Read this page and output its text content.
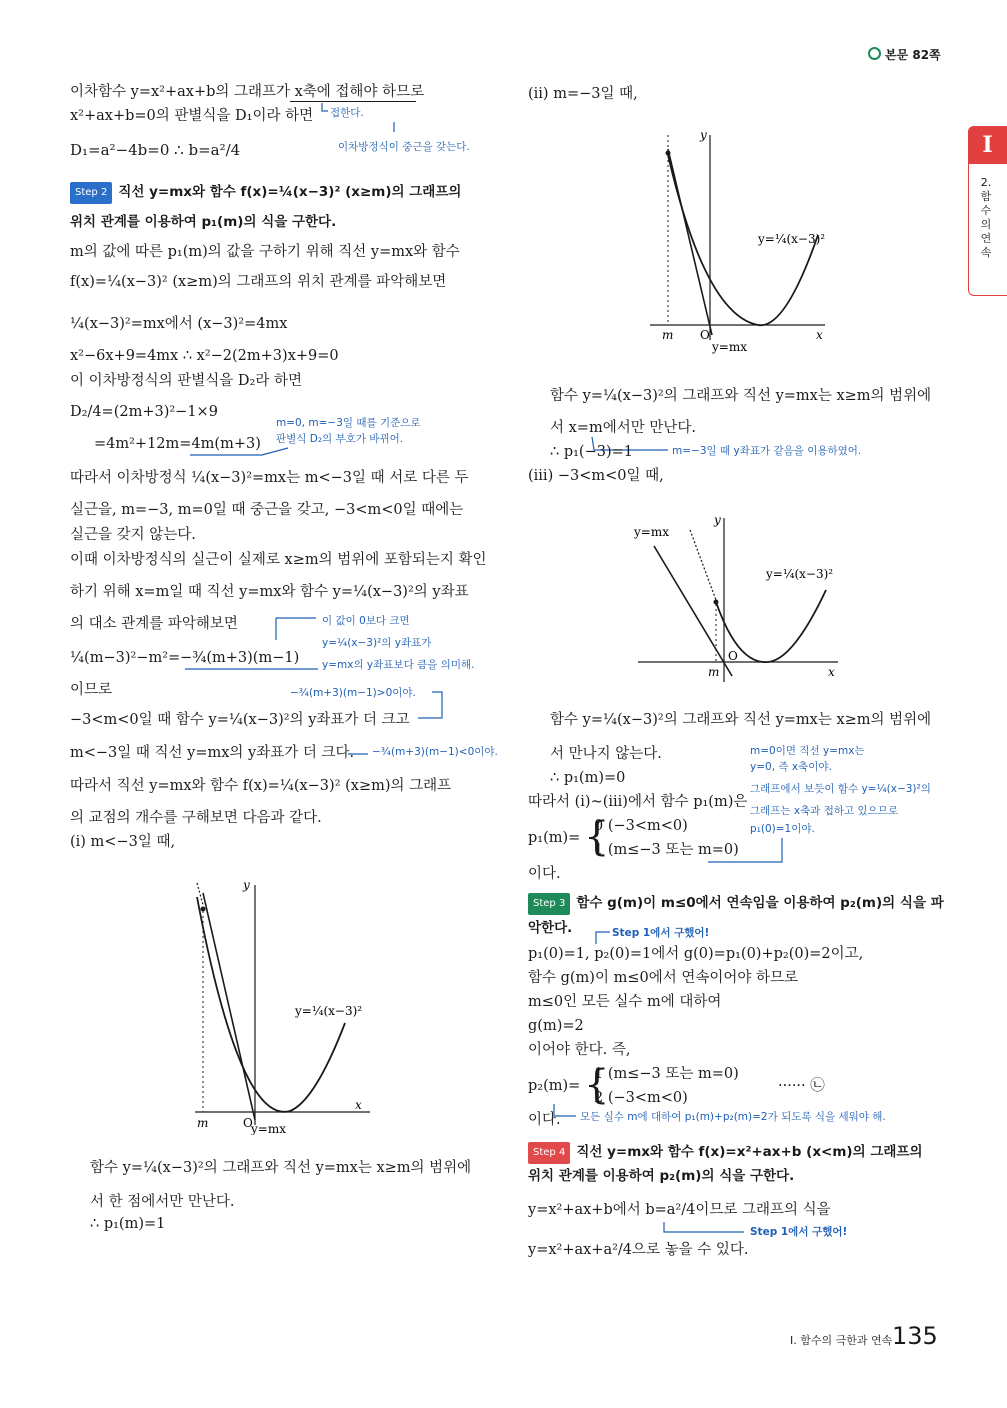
본문 82쪽
I
2. 함수의 연속
이차함수 y=x²+ax+b의 그래프가 x축에 접해야 하므로
x²+ax+b=0의 판별식을 D₁이라 하면 접한다.
D₁=a²−4b=0 ∴ b=a²/4	이차방정식이 중근을 갖는다.
Step 2 직선 y=mx와 함수 f(x)=¼(x−3)² (x≥m)의 그래프의
위치 관계를 이용하여 p₁(m)의 식을 구한다.
m의 값에 따른 p₁(m)의 값을 구하기 위해 직선 y=mx와 함수
f(x)=¼(x−3)² (x≥m)의 그래프의 위치 관계를 파악해보면
¼(x−3)²=mx에서 (x−3)²=4mx
x²−6x+9=4mx ∴ x²−2(2m+3)x+9=0
이 이차방정식의 판별식을 D₂라 하면
D₂/4=(2m+3)²−1×9
=4m²+12m=4m(m+3)
m=0, m=−3일 때를 기준으로
판별식 D₂의 부호가 바뀌어.
따라서 이차방정식 ¼(x−3)²=mx는 m<−3일 때 서로 다른 두
실근을, m=−3, m=0일 때 중근을 갖고, −3<m<0일 때에는
실근을 갖지 않는다.
이때 이차방정식의 실근이 실제로 x≥m의 범위에 포함되는지 확인
하기 위해 x=m일 때 직선 y=mx와 함수 y=¼(x−3)²의 y좌표
의 대소 관계를 파악해보면	이 값이 0보다 크면
y=¼(x−3)²의 y좌표가
y=mx의 y좌표보다 큼을 의미해.
¼(m−3)²−m²=−¾(m+3)(m−1)
이므로	−¾(m+3)(m−1)>0이야.
−3<m<0일 때 함수 y=¼(x−3)²의 y좌표가 더 크고
m<−3일 때 직선 y=mx의 y좌표가 더 크다. −¾(m+3)(m−1)<0이야.
따라서 직선 y=mx와 함수 f(x)=¼(x−3)² (x≥m)의 그래프
의 교점의 개수를 구해보면 다음과 같다.
(i) m<−3일 때,
y
x
m	O
y=¼(x−3)²
y=mx
함수 y=¼(x−3)²의 그래프와 직선 y=mx는 x≥m의 범위에
서 한 점에서만 만난다.
∴ p₁(m)=1
(ii) m=−3일 때,
y
x
m O
y=¼(x−3)²
y=mx
함수 y=¼(x−3)²의 그래프와 직선 y=mx는 x≥m의 범위에
서 x=m에서만 만난다.
∴ p₁(−3)=1	m=−3일 때 y좌표가 같음을 이용하였어.
(iii) −3<m<0일 때,
y
x
m
O
y=¼(x−3)²
y=mx
함수 y=¼(x−3)²의 그래프와 직선 y=mx는 x≥m의 범위에
서 만나지 않는다.
∴ p₁(m)=0
m=0이면 직선 y=mx는
y=0, 즉 x축이야.
그래프에서 보듯이 함수 y=¼(x−3)²의
그래프는 x축과 접하고 있으므로
p₁(0)=1이야.
따라서 (i)~(iii)에서 함수 p₁(m)은
p₁(m)= {
0 (−3<m<0)
1 (m≤−3 또는 m=0)
이다.
Step 3 함수 g(m)이 m≤0에서 연속임을 이용하여 p₂(m)의 식을 파
악한다.	Step 1에서 구했어!
p₁(0)=1, p₂(0)=1에서 g(0)=p₁(0)+p₂(0)=2이고,
함수 g(m)이 m≤0에서 연속이어야 하므로
m≤0인 모든 실수 m에 대하여
g(m)=2
이어야 한다. 즉,
p₂(m)= {
1 (m≤−3 또는 m=0)
2 (−3<m<0)
······ ㉡
이다. 모든 실수 m에 대하여 p₁(m)+p₂(m)=2가 되도록 식을 세워야 해.
Step 4 직선 y=mx와 함수 f(x)=x²+ax+b (x<m)의 그래프의
위치 관계를 이용하여 p₂(m)의 식을 구한다.
y=x²+ax+b에서 b=a²/4이므로 그래프의 식을
Step 1에서 구했어!
y=x²+ax+a²/4으로 놓을 수 있다.
Ⅰ. 함수의 극한과 연속 135
